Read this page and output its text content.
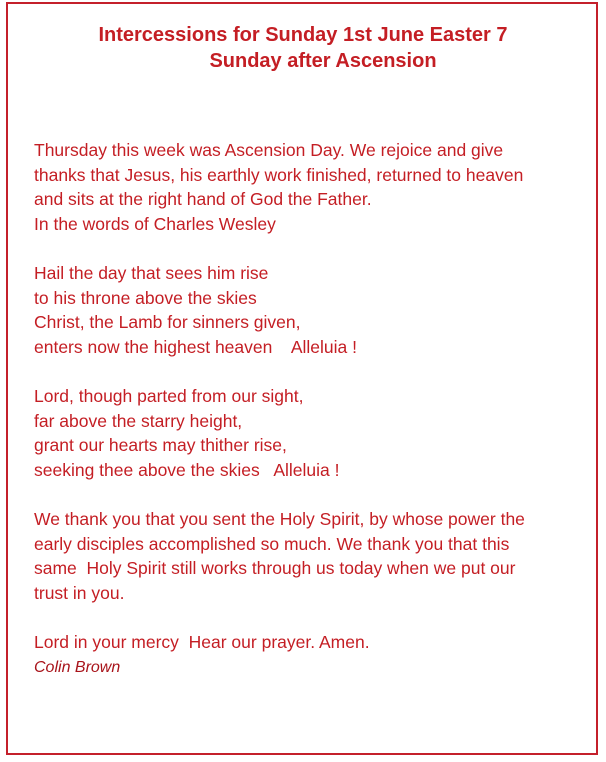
Intercessions for Sunday 1st June Easter 7
Sunday after Ascension
Thursday this week was Ascension Day. We rejoice and give
thanks that Jesus, his earthly work finished, returned to heaven
and sits at the right hand of God the Father.
In the words of Charles Wesley
Hail the day that sees him rise
to his throne above the skies
Christ, the Lamb for sinners given,
enters now the highest heaven    Alleluia !
Lord, though parted from our sight,
far above the starry height,
grant our hearts may thither rise,
seeking thee above the skies   Alleluia !
We thank you that you sent the Holy Spirit, by whose power the
early disciples accomplished so much. We thank you that this
same  Holy Spirit still works through us today when we put our
trust in you.
Lord in your mercy  Hear our prayer. Amen.
Colin Brown
